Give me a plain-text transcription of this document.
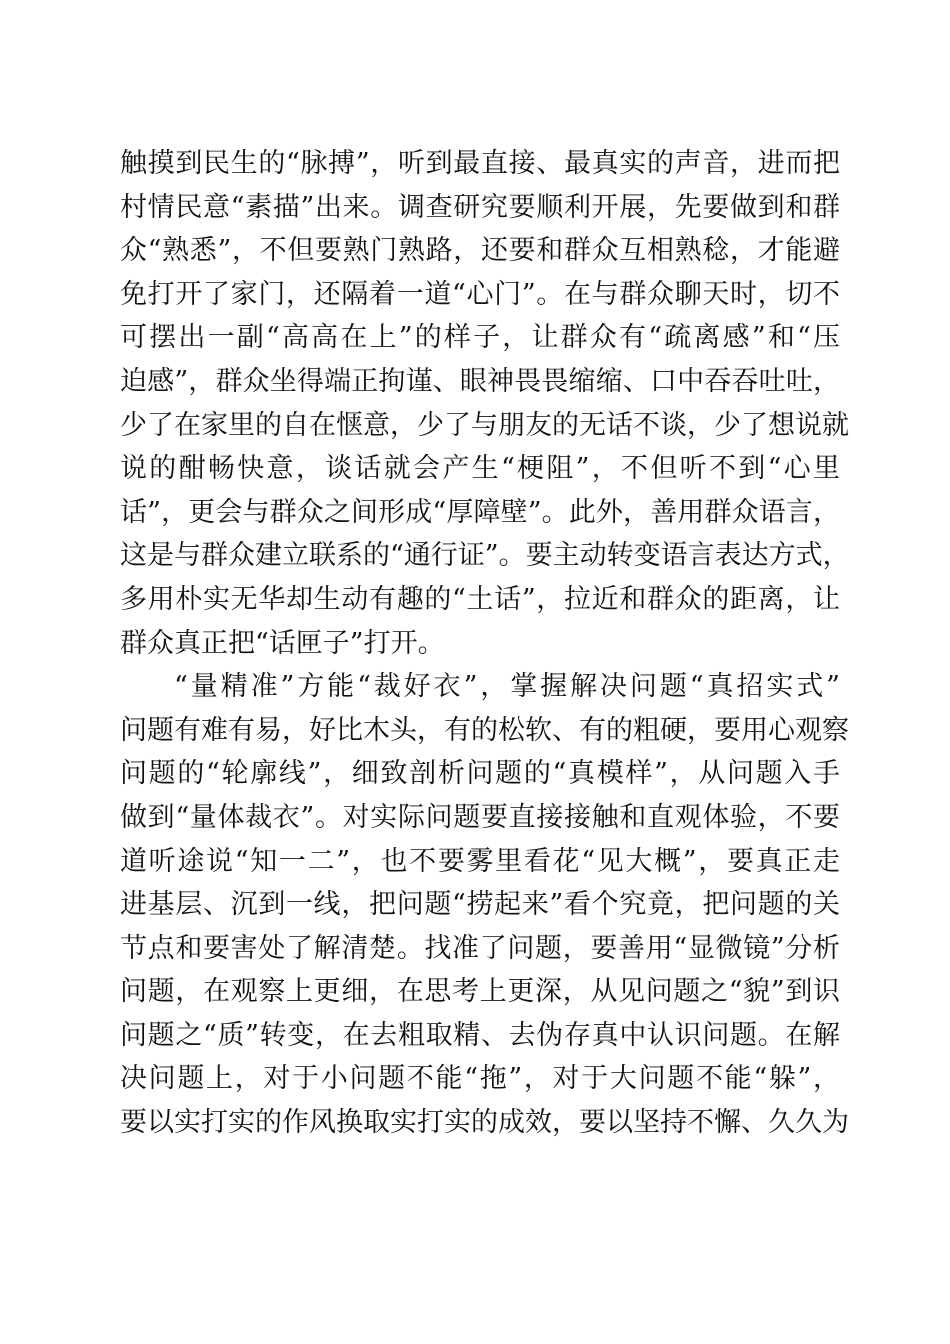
触摸到民生的“脉搏”，听到最直接、最真实的声音，进而把
村情民意“素描”出来。调查研究要顺利开展，先要做到和群
众“熟悉”，不但要熟门熟路，还要和群众互相熟稔，才能避
免打开了家门，还隔着一道“心门”。在与群众聊天时，切不
可摆出一副“高高在上”的样子，让群众有“疏离感”和“压
迫感”，群众坐得端正拘谨、眼神畏畏缩缩、口中吞吞吐吐，
少了在家里的自在惬意，少了与朋友的无话不谈，少了想说就
说的酣畅快意，谈话就会产生“梗阻”，不但听不到“心里
话”，更会与群众之间形成“厚障壁”。此外，善用群众语言，
这是与群众建立联系的“通行证”。要主动转变语言表达方式，
多用朴实无华却生动有趣的“土话”，拉近和群众的距离，让
群众真正把“话匣子”打开。
“量精准”方能“裁好衣”，掌握解决问题“真招实式”
问题有难有易，好比木头，有的松软、有的粗硬，要用心观察
问题的“轮廓线”，细致剖析问题的“真模样”，从问题入手
做到“量体裁衣”。对实际问题要直接接触和直观体验，不要
道听途说“知一二”，也不要雾里看花“见大概”，要真正走
进基层、沉到一线，把问题“捞起来”看个究竟，把问题的关
节点和要害处了解清楚。找准了问题，要善用“显微镜”分析
问题，在观察上更细，在思考上更深，从见问题之“貌”到识
问题之“质”转变，在去粗取精、去伪存真中认识问题。在解
决问题上，对于小问题不能“拖”，对于大问题不能“躲”，
要以实打实的作风换取实打实的成效，要以坚持不懈、久久为
